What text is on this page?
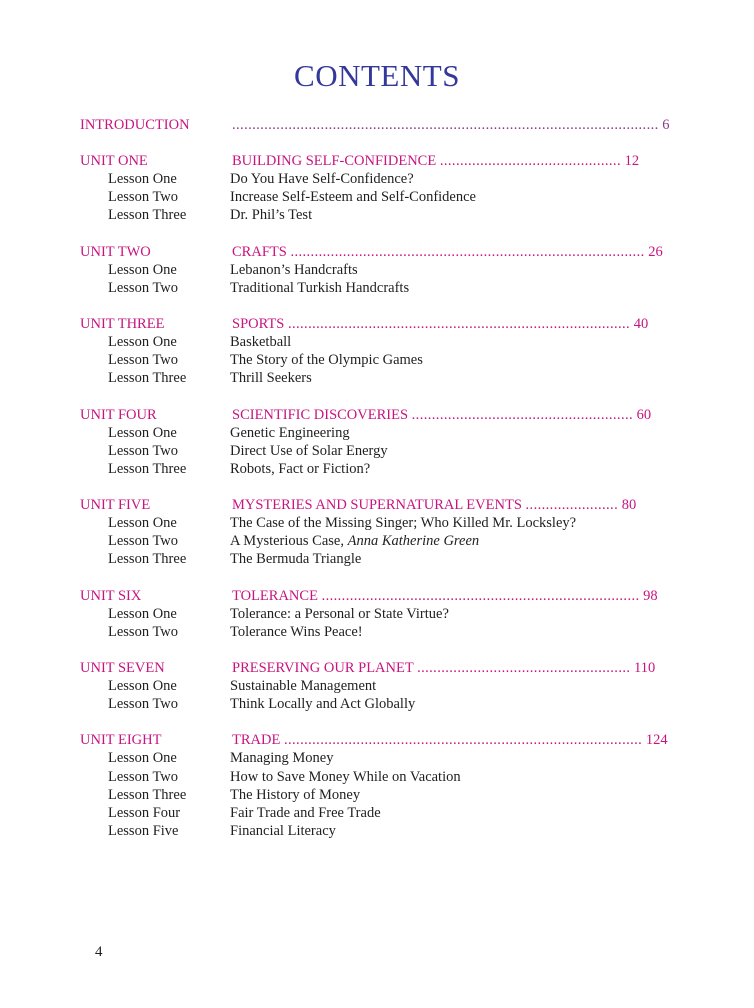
CONTENTS
INTRODUCTION	.......................................................................................................... 6
UNIT ONE	BUILDING SELF-CONFIDENCE ............................................. 12
Lesson One	Do You Have Self-Confidence?
Lesson Two	Increase Self-Esteem and Self-Confidence
Lesson Three	Dr. Phil’s Test
UNIT TWO	CRAFTS ........................................................................................ 26
Lesson One	Lebanon’s Handcrafts
Lesson Two	Traditional Turkish Handcrafts
UNIT THREE	SPORTS ..................................................................................... 40
Lesson One	Basketball
Lesson Two	The Story of the Olympic Games
Lesson Three	Thrill Seekers
UNIT FOUR	SCIENTIFIC DISCOVERIES ....................................................... 60
Lesson One	Genetic Engineering
Lesson Two	Direct Use of Solar Energy
Lesson Three	Robots, Fact or Fiction?
UNIT FIVE	MYSTERIES AND SUPERNATURAL EVENTS ....................... 80
Lesson One	The Case of the Missing Singer; Who Killed Mr. Locksley?
Lesson Two	A Mysterious Case, Anna Katherine Green
Lesson Three	The Bermuda Triangle
UNIT SIX	TOLERANCE ............................................................................... 98
Lesson One	Tolerance: a Personal or State Virtue?
Lesson Two	Tolerance Wins Peace!
UNIT SEVEN	PRESERVING OUR PLANET ..................................................... 110
Lesson One	Sustainable Management
Lesson Two	Think Locally and Act Globally
UNIT EIGHT	TRADE ......................................................................................... 124
Lesson One	Managing Money
Lesson Two	How to Save Money While on Vacation
Lesson Three	The History of Money
Lesson Four	Fair Trade and Free Trade
Lesson Five	Financial Literacy
4
